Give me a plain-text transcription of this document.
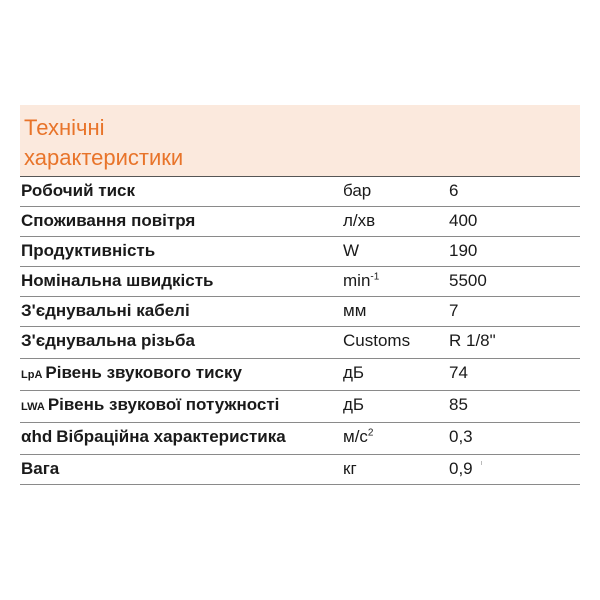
Технічні
характеристики
Робочий тиск	бар	6
Споживання повітря	л/хв	400
Продуктивність	W	190
Номінальна швидкість	$\min^{-1}$	5500
З'єднувальні кабелі	мм	7
З'єднувальна різьба	Customs	R 1/8"
LpA Рівень звукового тиску	дБ	74
LWA Рівень звукової потужності	дБ	85
αhd Вібраційна характеристика	$м/с^2$	0,3
Вага	кг	0,9
